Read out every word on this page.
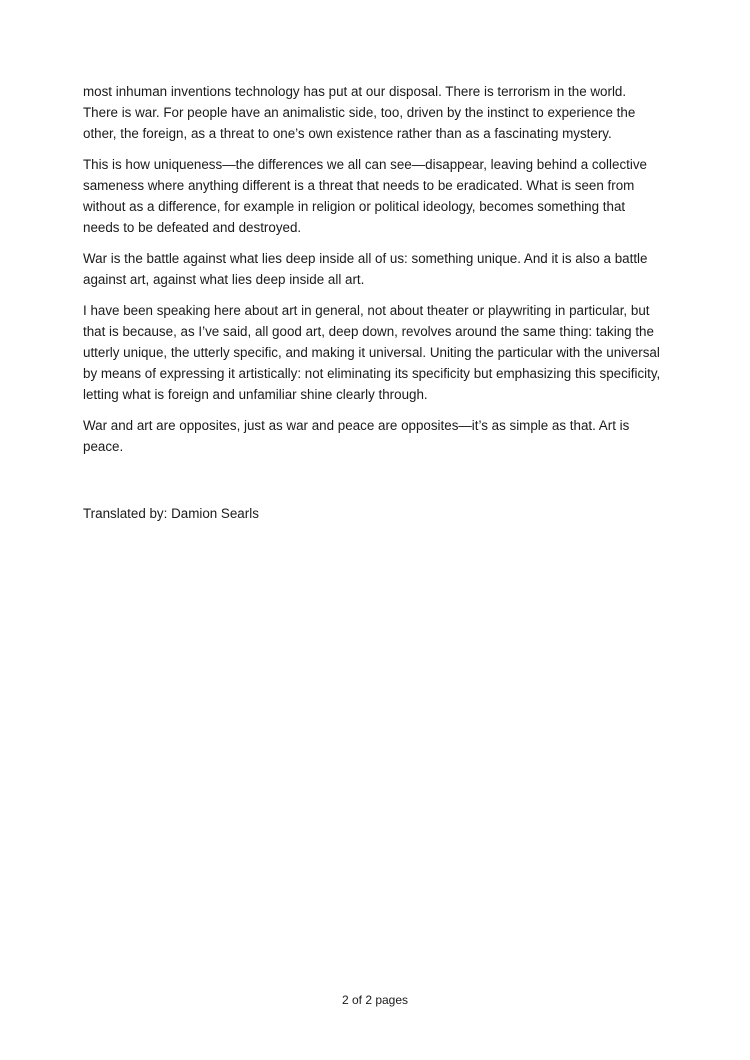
most inhuman inventions technology has put at our disposal. There is terrorism in the world. There is war. For people have an animalistic side, too, driven by the instinct to experience the other, the foreign, as a threat to one’s own existence rather than as a fascinating mystery.

This is how uniqueness—the differences we all can see—disappear, leaving behind a collective sameness where anything different is a threat that needs to be eradicated. What is seen from without as a difference, for example in religion or political ideology, becomes something that needs to be defeated and destroyed.

War is the battle against what lies deep inside all of us: something unique. And it is also a battle against art, against what lies deep inside all art.

I have been speaking here about art in general, not about theater or playwriting in particular, but that is because, as I’ve said, all good art, deep down, revolves around the same thing: taking the utterly unique, the utterly specific, and making it universal. Uniting the particular with the universal by means of expressing it artistically: not eliminating its specificity but emphasizing this specificity, letting what is foreign and unfamiliar shine clearly through.

War and art are opposites, just as war and peace are opposites—it’s as simple as that. Art is peace.

Translated by: Damion Searls

2 of 2 pages
